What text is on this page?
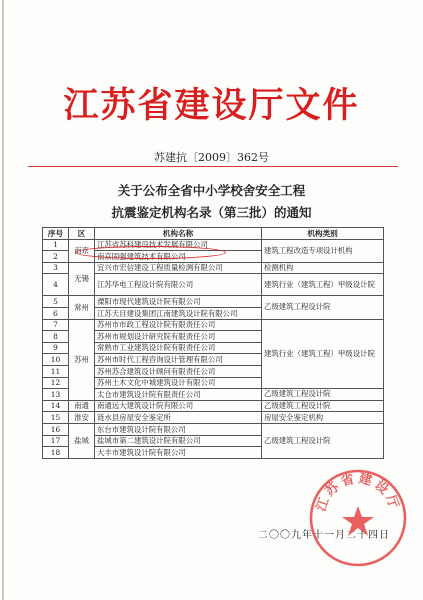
江苏省建设厅文件
苏建抗〔2009〕362号
关于公布全省中小学校舍安全工程
抗震鉴定机构名录（第三批）的通知
序号	区	机构名称	机构类别
1	南京	江苏省苏科建设技术发展有限公司	建筑工程改造专项设计机构
2		南京固强建筑技术有限公司	
3	无锡	宜兴市宏信建设工程质量检测有限公司	检测机构
4		江苏华电工程设计院有限公司	建筑行业（建筑工程）甲级设计院
5	常州	溧阳市现代建筑设计院有限公司	乙级建筑工程设计院
6		江苏天目建设集团江南建筑设计院有限公司	
7	苏州	苏州市市政工程设计院有限责任公司	建筑行业（建筑工程）甲级设计院
8		苏州市规划设计研究院有限责任公司	
9		常熟市工业建筑设计院有限责任公司	
10		苏州市时代工程咨询设计管理有限公司	
11		苏州苏合建筑设计顾问有限责任公司	
12		苏州土木文化中城建筑设计有限公司	
13		太仓市建筑设计院有限责任公司	乙级建筑工程设计院
14	南通	南通远大建筑设计院有限公司	乙级建筑工程设计院
15	淮安	涟水县房屋安全鉴定所	房屋安全鉴定机构
16	盐城	东台市建筑设计院有限公司	乙级建筑工程设计院
17		盐城市第二建筑设计院有限公司	
18		大丰市建筑设计院有限公司	
二〇〇九年十一月二十四日
江苏省建设厅
